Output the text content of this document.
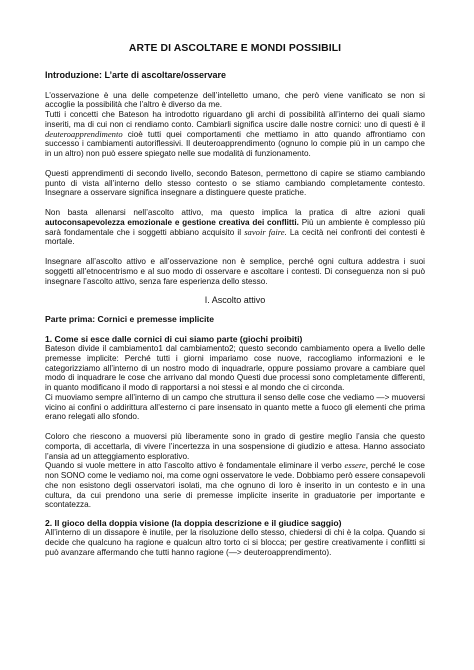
ARTE DI ASCOLTARE E MONDI POSSIBILI
Introduzione: L’arte di ascoltare/osservare

L’osservazione è una delle competenze dell’intelletto umano, che però viene vanificato se non si accoglie la possibilità che l’altro è diverso da me.

Tutti i concetti che Bateson ha introdotto riguardano gli archi di possibilità all’interno dei quali siamo inseriti, ma di cui non ci rendiamo conto. Cambiarli significa uscire dalle nostre cornici: uno di questi è il deuteroapprendimento cioè tutti quei comportamenti che mettiamo in atto quando affrontiamo con successo i cambiamenti autoriflessivi. Il deuteroapprendimento (ognuno lo compie più in un campo che in un altro) non può essere spiegato nelle sue modalità di funzionamento.

Questi apprendimenti di secondo livello, secondo Bateson, permettono di capire se stiamo cambiando punto di vista all’interno dello stesso contesto o se stiamo cambiando completamente contesto. Insegnare a osservare significa insegnare a distinguere queste pratiche.

Non basta allenarsi nell’ascolto attivo, ma questo implica la pratica di altre azioni quali autoconsapevolezza emozionale e gestione creativa dei conflitti. Più un ambiente è complesso più sarà fondamentale che i soggetti abbiano acquisito il savoir faire. La cecità nei confronti dei contesti è mortale.

Insegnare all’ascolto attivo e all’osservazione non è semplice, perché ogni cultura addestra i suoi soggetti all’etnocentrismo e al suo modo di osservare e ascoltare i contesti. Di conseguenza non si può insegnare l’ascolto attivo, senza fare esperienza dello stesso.

I. Ascolto attivo
Parte prima: Cornici e premesse implicite
1. Come si esce dalle cornici di cui siamo parte (giochi proibiti)

Bateson divide il cambiamento1 dal cambiamento2; questo secondo cambiamento opera a livello delle premesse implicite: Perché tutti i giorni impariamo cose nuove, raccogliamo informazioni e le categorizziamo all’interno di un nostro modo di inquadrarle, oppure possiamo provare a cambiare quel modo di inquadrare le cose che arrivano dal mondo Questi due processi sono completamente differenti, in quanto modificano il modo di rapportarsi a noi stessi e al mondo che ci circonda.

Ci muoviamo sempre all’interno di un campo che struttura il senso delle cose che vediamo —> muoversi vicino ai confini o addirittura all’esterno ci pare insensato in quanto mette a fuoco gli elementi che prima erano relegati allo sfondo.

Coloro che riescono a muoversi più liberamente sono in grado di gestire meglio l’ansia che questo comporta, di accettarla, di vivere l’incertezza in una sospensione di giudizio e attesa. Hanno associato l’ansia ad un atteggiamento esplorativo.

Quando si vuole mettere in atto l’ascolto attivo è fondamentale eliminare il verbo essere, perché le cose non SONO come le vediamo noi, ma come ogni osservatore le vede. Dobbiamo però essere consapevoli che non esistono degli osservatori isolati, ma che ognuno di loro è inserito in un contesto e in una cultura, da cui prendono una serie di premesse implicite inserite in graduatorie per importante e scontatezza.

2. Il gioco della doppia visione (la doppia descrizione e il giudice saggio)

All’interno di un dissapore è inutile, per la risoluzione dello stesso, chiedersi di chi è la colpa. Quando si decide che qualcuno ha ragione e qualcun altro torto ci si blocca; per gestire creativamente i conflitti si può avanzare affermando che tutti hanno ragione (—> deuteroapprendimento).
